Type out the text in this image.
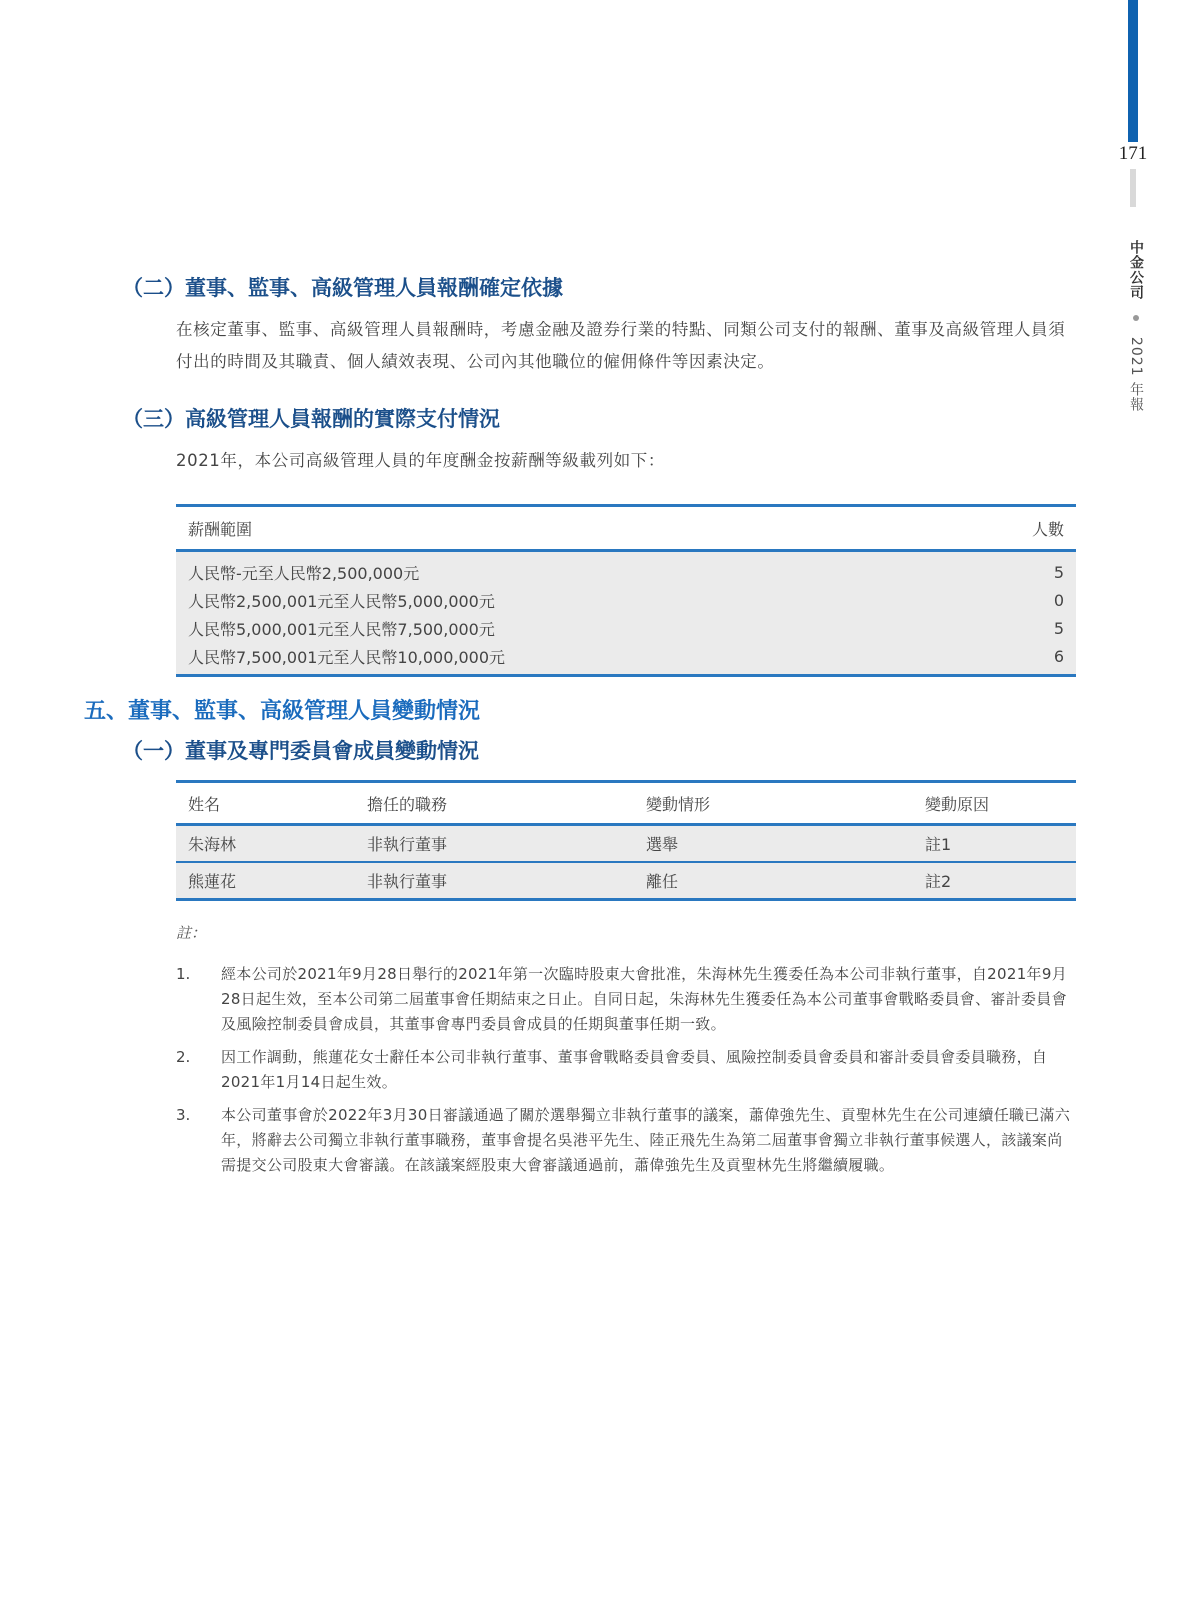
171
中金公司  2021 年報
（二）董事、監事、高級管理人員報酬確定依據
在核定董事、監事、高級管理人員報酬時，考慮金融及證券行業的特點、同類公司支付的報酬、董事及高級管理人員須付出的時間及其職責、個人績效表現、公司內其他職位的僱佣條件等因素決定。
（三）高級管理人員報酬的實際支付情況
2021年，本公司高級管理人員的年度酬金按薪酬等級載列如下：
薪酬範圍	人數
人民幣-元至人民幣2,500,000元	5
人民幣2,500,001元至人民幣5,000,000元	0
人民幣5,000,001元至人民幣7,500,000元	5
人民幣7,500,001元至人民幣10,000,000元	6
五、董事、監事、高級管理人員變動情況
（一）董事及專門委員會成員變動情況
姓名	擔任的職務	變動情形	變動原因
朱海林	非執行董事	選舉	註1
熊蓮花	非執行董事	離任	註2
註：
1.	經本公司於2021年9月28日舉行的2021年第一次臨時股東大會批准，朱海林先生獲委任為本公司非執行董事，自2021年9月28日起生效，至本公司第二屆董事會任期結束之日止。自同日起，朱海林先生獲委任為本公司董事會戰略委員會、審計委員會及風險控制委員會成員，其董事會專門委員會成員的任期與董事任期一致。
2.	因工作調動，熊蓮花女士辭任本公司非執行董事、董事會戰略委員會委員、風險控制委員會委員和審計委員會委員職務，自2021年1月14日起生效。
3.	本公司董事會於2022年3月30日審議通過了關於選舉獨立非執行董事的議案，蕭偉強先生、貢聖林先生在公司連續任職已滿六年，將辭去公司獨立非執行董事職務，董事會提名吳港平先生、陸正飛先生為第二屆董事會獨立非執行董事候選人，該議案尚需提交公司股東大會審議。在該議案經股東大會審議通過前，蕭偉強先生及貢聖林先生將繼續履職。
